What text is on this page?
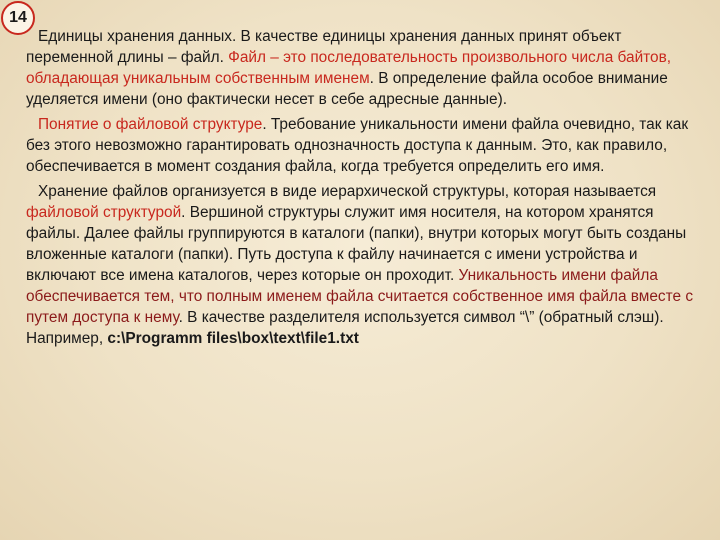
14

Единицы хранения данных. В качестве единицы хранения данных принят объект переменной длины – файл. Файл – это последовательность произвольного числа байтов, обладающая уникальным собственным именем. В определение файла особое внимание уделяется имени (оно фактически несет в себе адресные данные).

Понятие о файловой структуре. Требование уникальности имени файла очевидно, так как без этого невозможно гарантировать однозначность доступа к данным. Это, как правило, обеспечивается в момент создания файла, когда требуется определить его имя.

Хранение файлов организуется в виде иерархической структуры, которая называется файловой структурой. Вершиной структуры служит имя носителя, на котором хранятся файлы. Далее файлы группируются в каталоги (папки), внутри которых могут быть созданы вложенные каталоги (папки). Путь доступа к файлу начинается с имени устройства и включают все имена каталогов, через которые он проходит. Уникальность имени файла обеспечивается тем, что полным именем файла считается собственное имя файла вместе с путем доступа к нему. В качестве разделителя используется символ “\” (обратный слэш). Например, c:\Programm files\box\text\file1.txt
